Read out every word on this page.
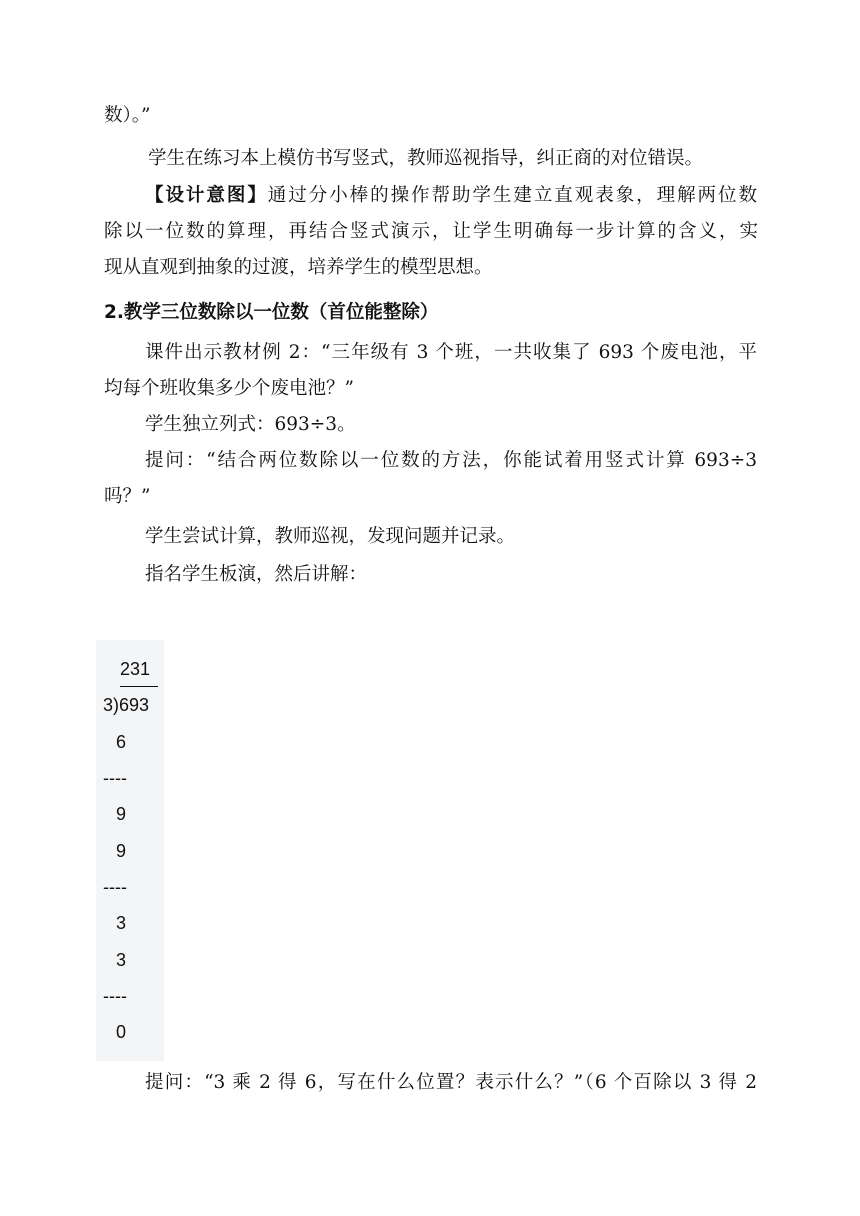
数）。”
学生在练习本上模仿书写竖式，教师巡视指导，纠正商的对位错误。
【设计意图】通过分小棒的操作帮助学生建立直观表象，理解两位数
除以一位数的算理，再结合竖式演示，让学生明确每一步计算的含义，实
现从直观到抽象的过渡，培养学生的模型思想。
2.教学三位数除以一位数（首位能整除）
课件出示教材例 2：“三年级有 3 个班，一共收集了 693 个废电池，平
均每个班收集多少个废电池？”
学生独立列式：693÷3。
提问：“结合两位数除以一位数的方法，你能试着用竖式计算 693÷3
吗？”
学生尝试计算，教师巡视，发现问题并记录。
指名学生板演，然后讲解：
231
3)693
6
----
9
9
----
3
3
----
0
提问：“3 乘 2 得 6，写在什么位置？表示什么？”（6 个百除以 3 得 2
